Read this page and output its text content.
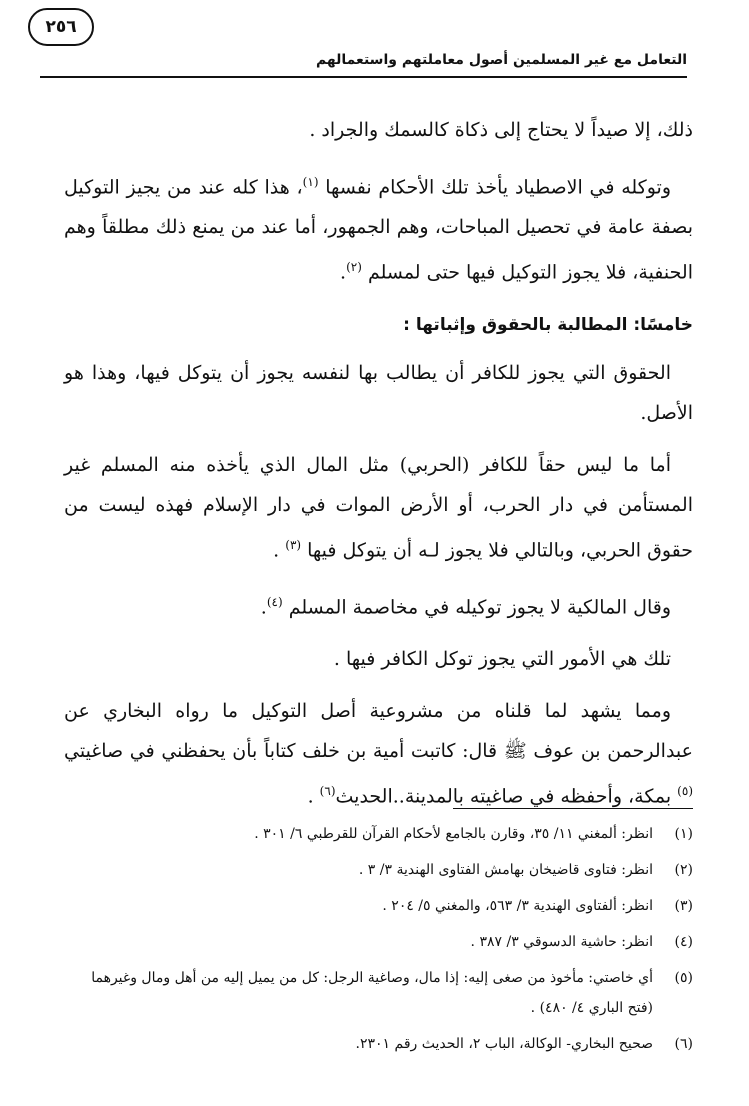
التعامل مع غير المسلمين أصول معاملتهم واستعمالهم
٢٥٦

ذلك، إلا صيداً لا يحتاج إلى ذكاة كالسمك والجراد .

وتوكله في الاصطياد يأخذ تلك الأحكام نفسها $^{(١)}$، هذا كله عند من يجيز التوكيل بصفة عامة في تحصيل المباحات، وهم الجمهور، أما عند من يمنع ذلك مطلقاً وهم الحنفية، فلا يجوز التوكيل فيها حتى لمسلم $^{(٢)}$.

خامسًا: المطالبة بالحقوق وإثباتها :

الحقوق التي يجوز للكافر أن يطالب بها لنفسه يجوز أن يتوكل فيها، وهذا هو الأصل.

أما ما ليس حقاً للكافر (الحربي) مثل المال الذي يأخذه منه المسلم غير المستأمن في دار الحرب، أو الأرض الموات في دار الإسلام فهذه ليست من حقوق الحربي، وبالتالي فلا يجوز لـه أن يتوكل فيها $^{(٣)}$ .

وقال المالكية لا يجوز توكيله في مخاصمة المسلم $^{(٤)}$.

تلك هي الأمور التي يجوز توكل الكافر فيها .

ومما يشهد لما قلناه من مشروعية أصل التوكيل ما رواه البخاري عن عبدالرحمن بن عوف ﷺ قال: كاتبت أمية بن خلف كتاباً بأن يحفظني في صاغيتي $^{(٥)}$ بمكة، وأحفظه في صاغيته بالمدينة..الحديث$^{(٦)}$ .

(١)
انظر: ألمغني ١١/ ٣٥، وقارن بالجامع لأحكام القرآن للقرطبي ٦/ ٣٠١ .
(٢)
انظر: فتاوى قاضيخان بهامش الفتاوى الهندية ٣/ ٣ .
(٣)
انظر: ألفتاوى الهندية ٣/ ٥٦٣، والمغني ٥/ ٢٠٤ .
(٤)
انظر: حاشية الدسوقي ٣/ ٣٨٧ .
(٥)
أي خاصتي: مأخوذ من صغى إليه: إذا مال، وصاغية الرجل: كل من يميل إليه من أهل ومال وغيرهما (فتح الباري ٤/ ٤٨٠) .
(٦)
صحيح البخاري- الوكالة، الباب ٢، الحديث رقم ٢٣٠١.
